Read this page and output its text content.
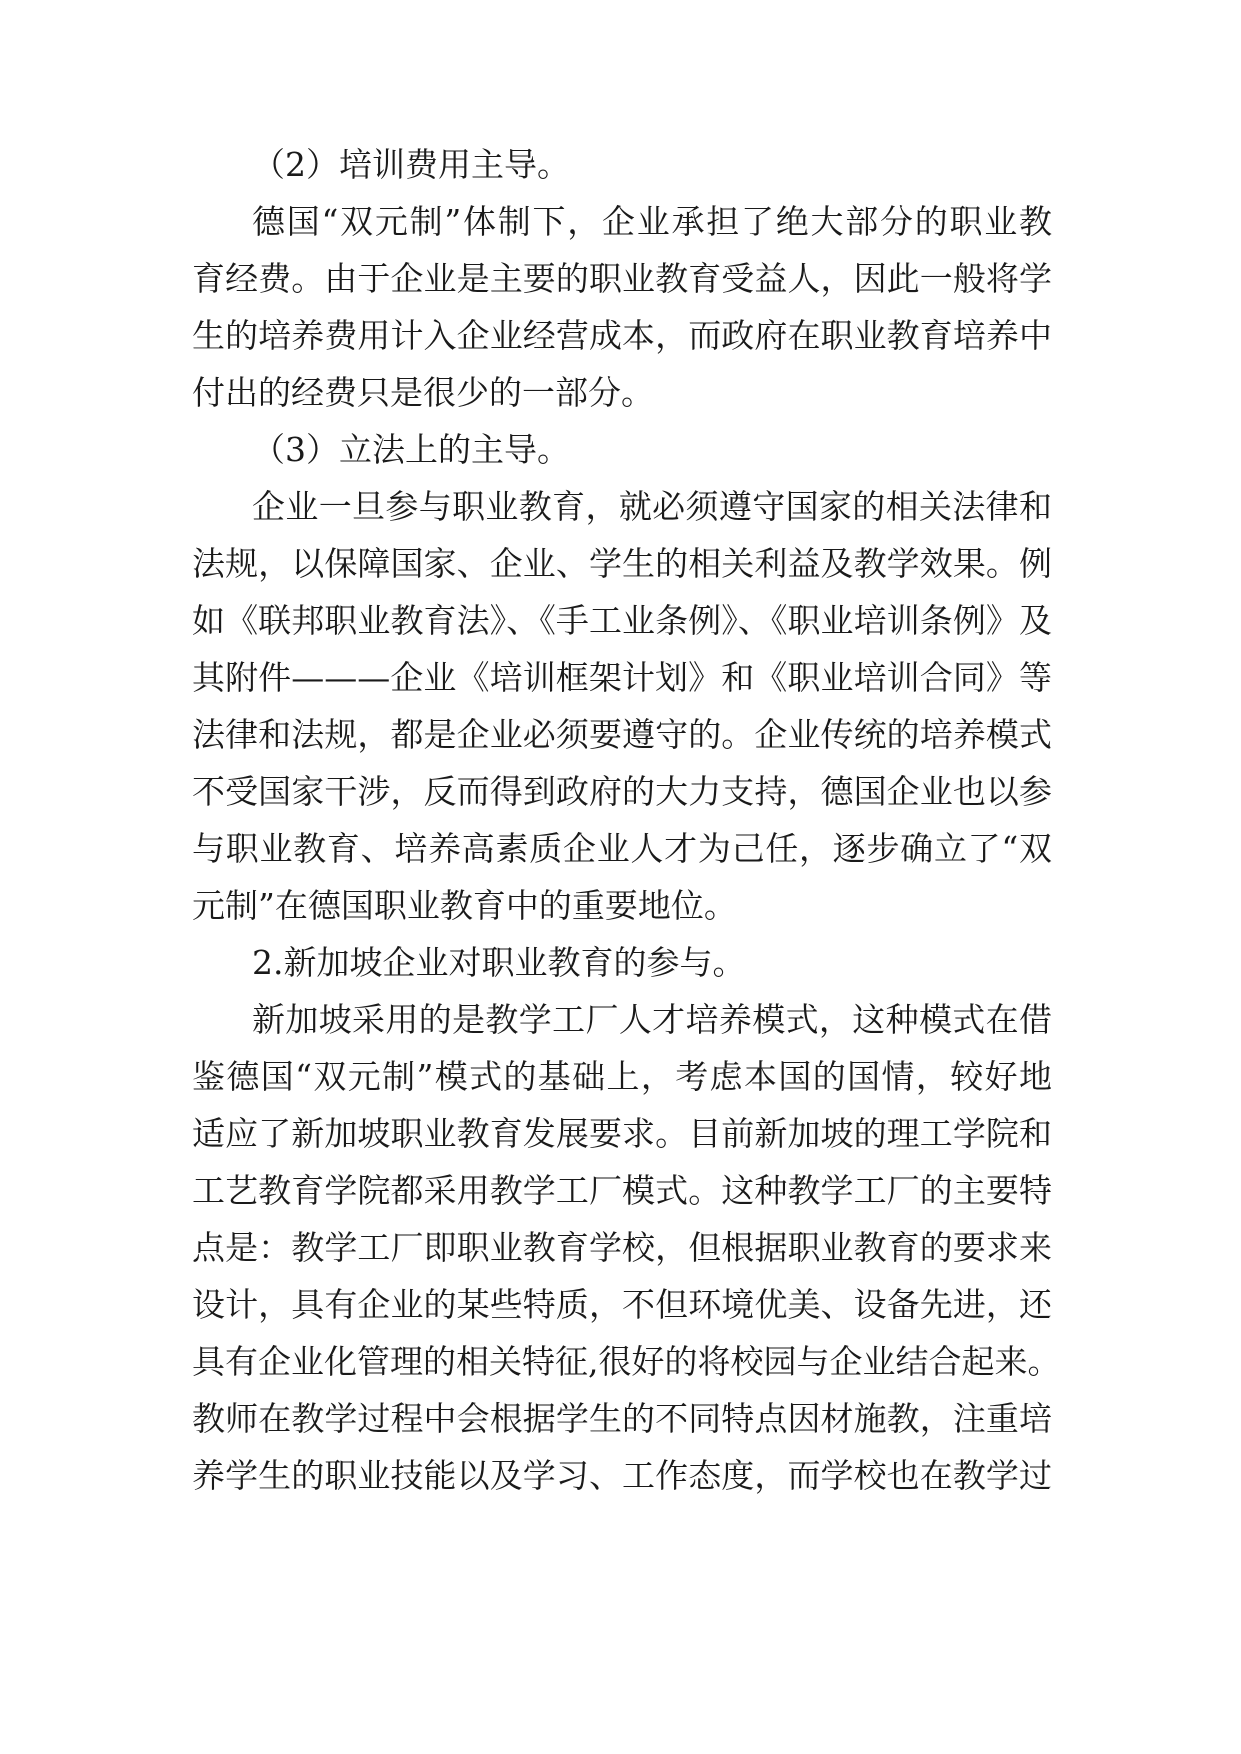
（2）培训费用主导。
德国“双元制”体制下，企业承担了绝大部分的职业教
育经费。由于企业是主要的职业教育受益人，因此一般将学
生的培养费用计入企业经营成本，而政府在职业教育培养中
付出的经费只是很少的一部分。
（3）立法上的主导。
企业一旦参与职业教育，就必须遵守国家的相关法律和
法规，以保障国家、企业、学生的相关利益及教学效果。例
如《联邦职业教育法》、《手工业条例》、《职业培训条例》及
其附件———企业《培训框架计划》和《职业培训合同》等
法律和法规，都是企业必须要遵守的。企业传统的培养模式
不受国家干涉，反而得到政府的大力支持，德国企业也以参
与职业教育、培养高素质企业人才为己任，逐步确立了“双
元制”在德国职业教育中的重要地位。
2.新加坡企业对职业教育的参与。
新加坡采用的是教学工厂人才培养模式，这种模式在借
鉴德国“双元制”模式的基础上，考虑本国的国情，较好地
适应了新加坡职业教育发展要求。目前新加坡的理工学院和
工艺教育学院都采用教学工厂模式。这种教学工厂的主要特
点是：教学工厂即职业教育学校，但根据职业教育的要求来
设计，具有企业的某些特质，不但环境优美、设备先进，还
具有企业化管理的相关特征,很好的将校园与企业结合起来。
教师在教学过程中会根据学生的不同特点因材施教，注重培
养学生的职业技能以及学习、工作态度，而学校也在教学过
